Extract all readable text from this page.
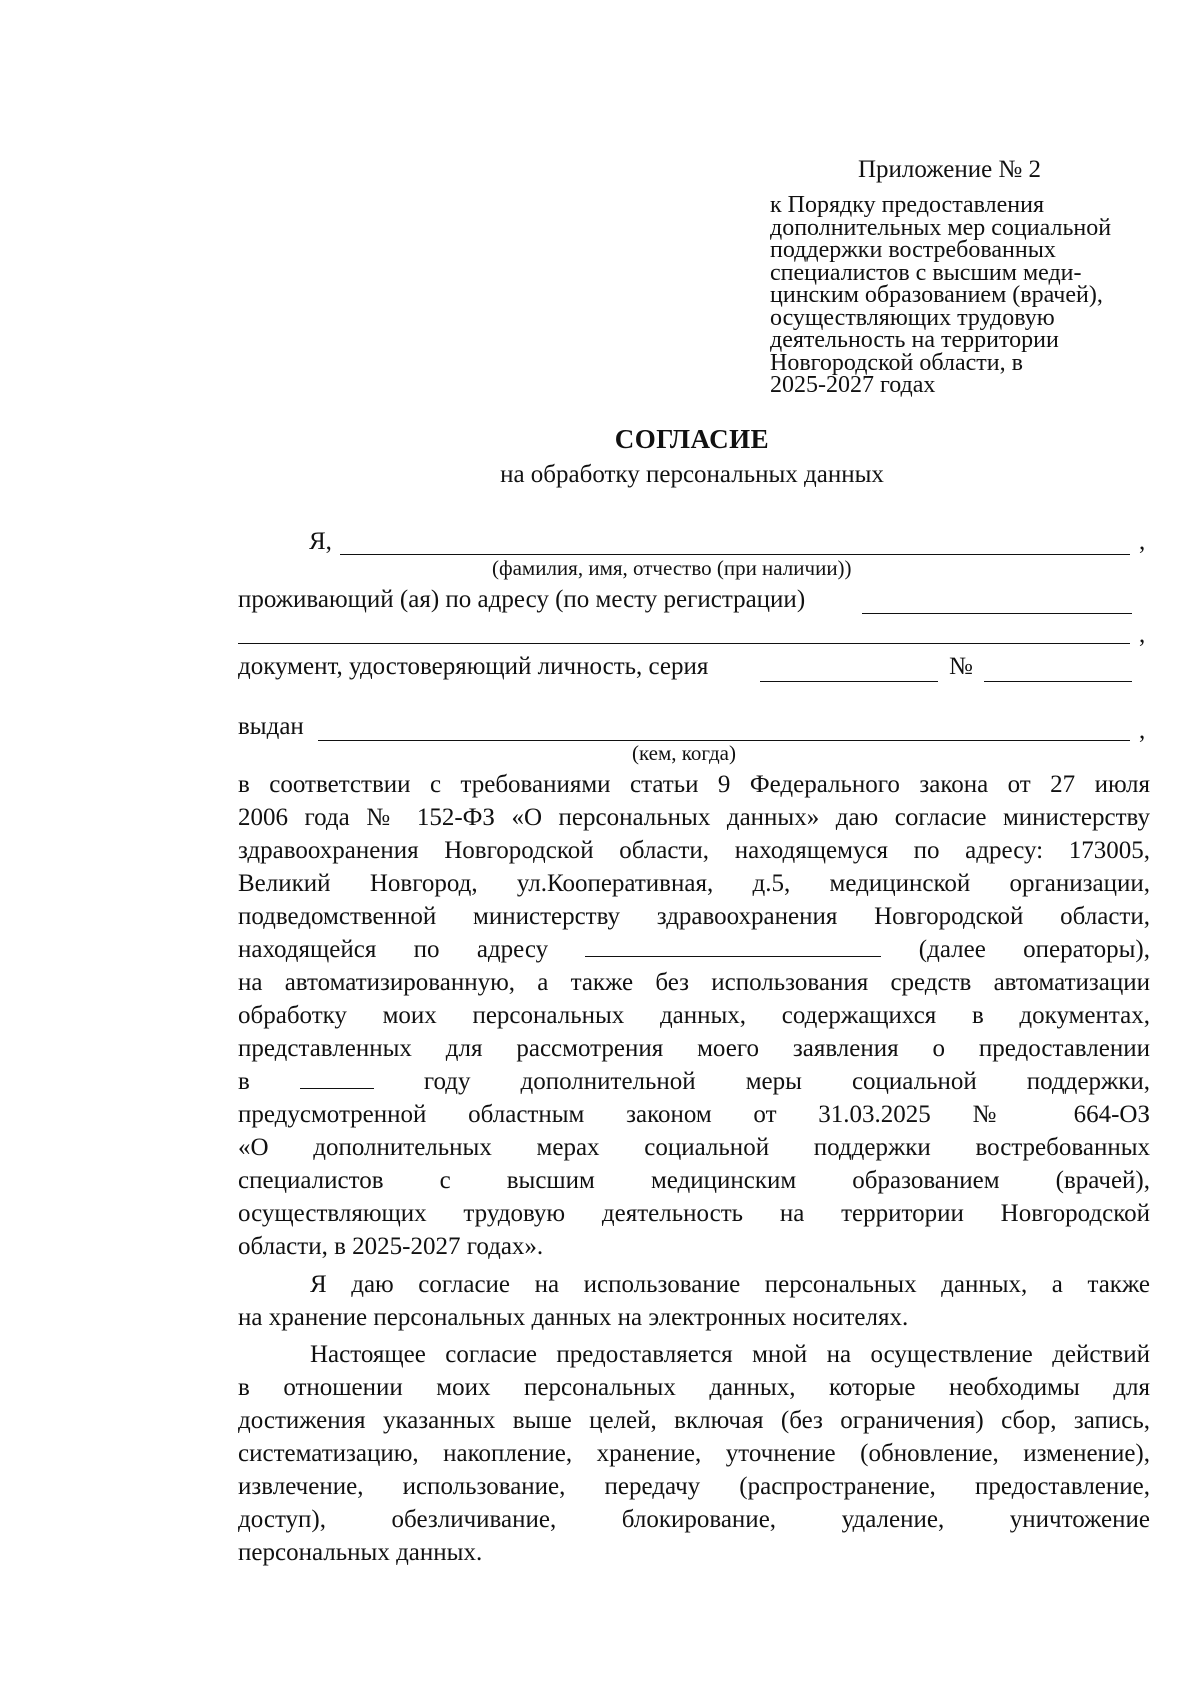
Приложение № 2
к Порядку предоставления
дополнительных мер социальной
поддержки востребованных
специалистов с высшим меди-
цинским образованием (врачей),
осуществляющих трудовую
деятельность на территории
Новгородской области, в
2025-2027 годах
СОГЛАСИЕ
на обработку персональных данных
Я,	,
(фамилия, имя, отчество (при наличии))
проживающий (ая) по адресу (по месту регистрации)
,
документ, удостоверяющий личность, серия	№
выдан	,
(кем, когда)
в соответствии с требованиями статьи 9 Федерального закона от 27 июля
2006 года № 152-ФЗ «О персональных данных» даю согласие министерству
здравоохранения Новгородской области, находящемуся по адресу: 173005,
Великий Новгород, ул.Кооперативная, д.5, медицинской организации,
подведомственной министерству здравоохранения Новгородской области,
находящейся по адресу	(далее операторы),
на автоматизированную, а также без использования средств автоматизации
обработку моих персональных данных, содержащихся в документах,
представленных для рассмотрения моего заявления о предоставлении
в	году дополнительной меры социальной поддержки,
предусмотренной областным законом от 31.03.2025 № 664-ОЗ
«О дополнительных мерах социальной поддержки востребованных
специалистов с высшим медицинским образованием (врачей),
осуществляющих трудовую деятельность на территории Новгородской
области, в 2025-2027 годах».
Я даю согласие на использование персональных данных, а также
на хранение персональных данных на электронных носителях.
Настоящее согласие предоставляется мной на осуществление действий
в отношении моих персональных данных, которые необходимы для
достижения указанных выше целей, включая (без ограничения) сбор, запись,
систематизацию, накопление, хранение, уточнение (обновление, изменение),
извлечение, использование, передачу (распространение, предоставление,
доступ), обезличивание, блокирование, удаление, уничтожение
персональных данных.
